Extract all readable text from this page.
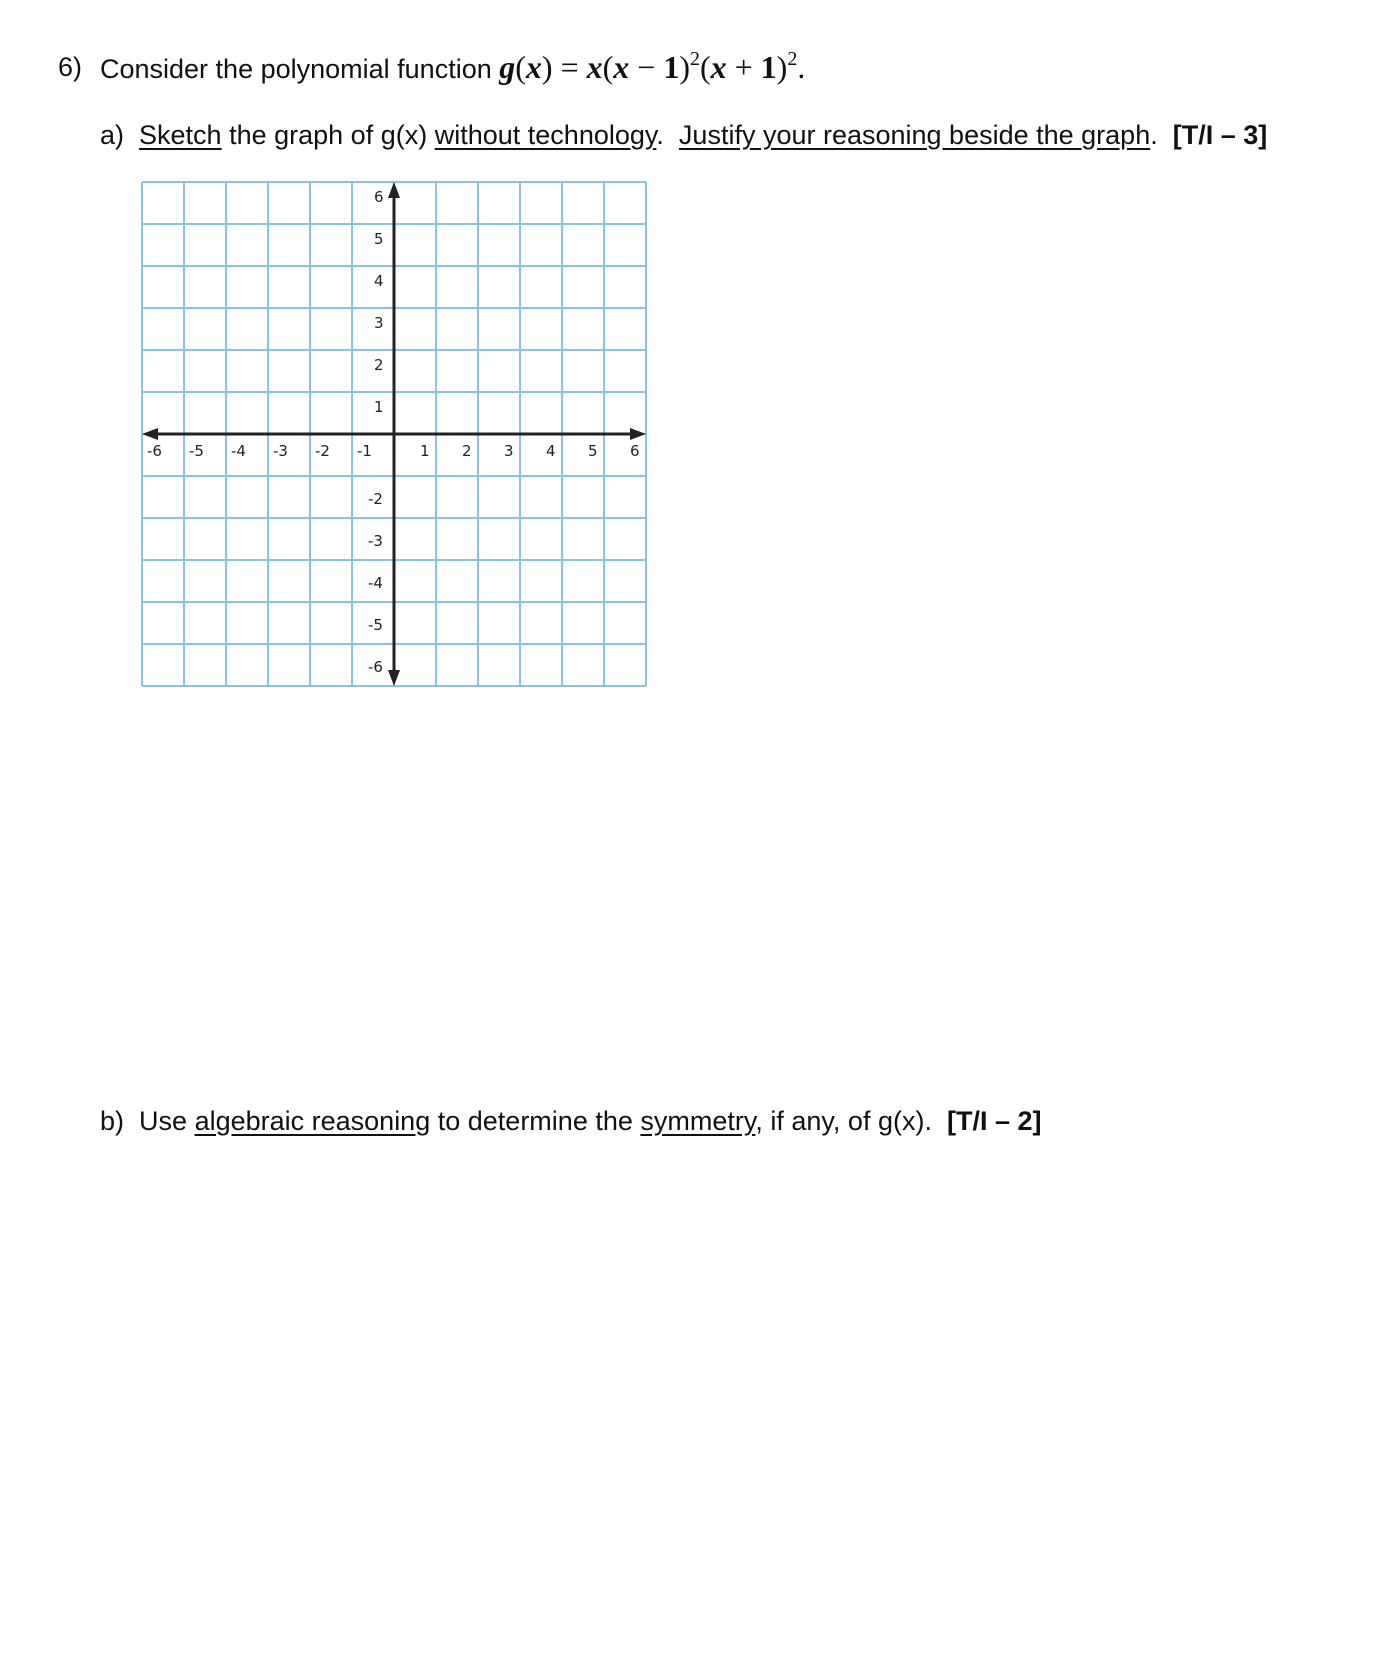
6) Consider the polynomial function $g(x) = x(x - 1)^2(x + 1)^2$.
a) Sketch the graph of g(x) without technology. Justify your reasoning beside the graph. [T/I – 3]
-6 -5 -4 -3 -2 -1	1 2 3 4 5 6
6
5
4
3
2
1
-2
-3
-4
-5
-6
b) Use algebraic reasoning to determine the symmetry, if any, of g(x). [T/I – 2]
